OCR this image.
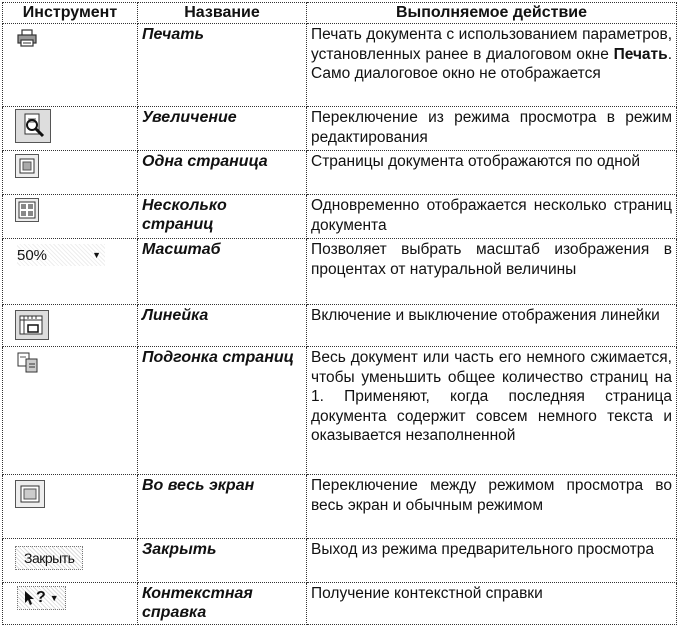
Инструмент	Название	Выполняемое действие

	Печать	Печать документа с использованием параметров, установленных ранее в диалоговом окне Печать. Само диалоговое окно не отображается

	Увеличение	Переключение из режима просмотра в режим редактирования

	Одна страница	Страницы документа отображаются по одной

	Несколько страниц	Одновременно отображается несколько страниц документа

50% ▼	Масштаб	Позволяет выбрать масштаб изображения в процентах от натуральной величины

	Линейка	Включение и выключение отображения линейки

	Подгонка страниц	Весь документ или часть его немного сжимается, чтобы уменьшить общее количество страниц на 1. Применяют, когда последняя страница документа содержит совсем немного текста и оказывается незаполненной

	Во весь экран	Переключение между режимом просмотра во весь экран и обычным режимом
Закрыть	Закрыть	Выход из режима предварительного просмотра

? ▼	Контекстная справка	Получение контекстной справки
